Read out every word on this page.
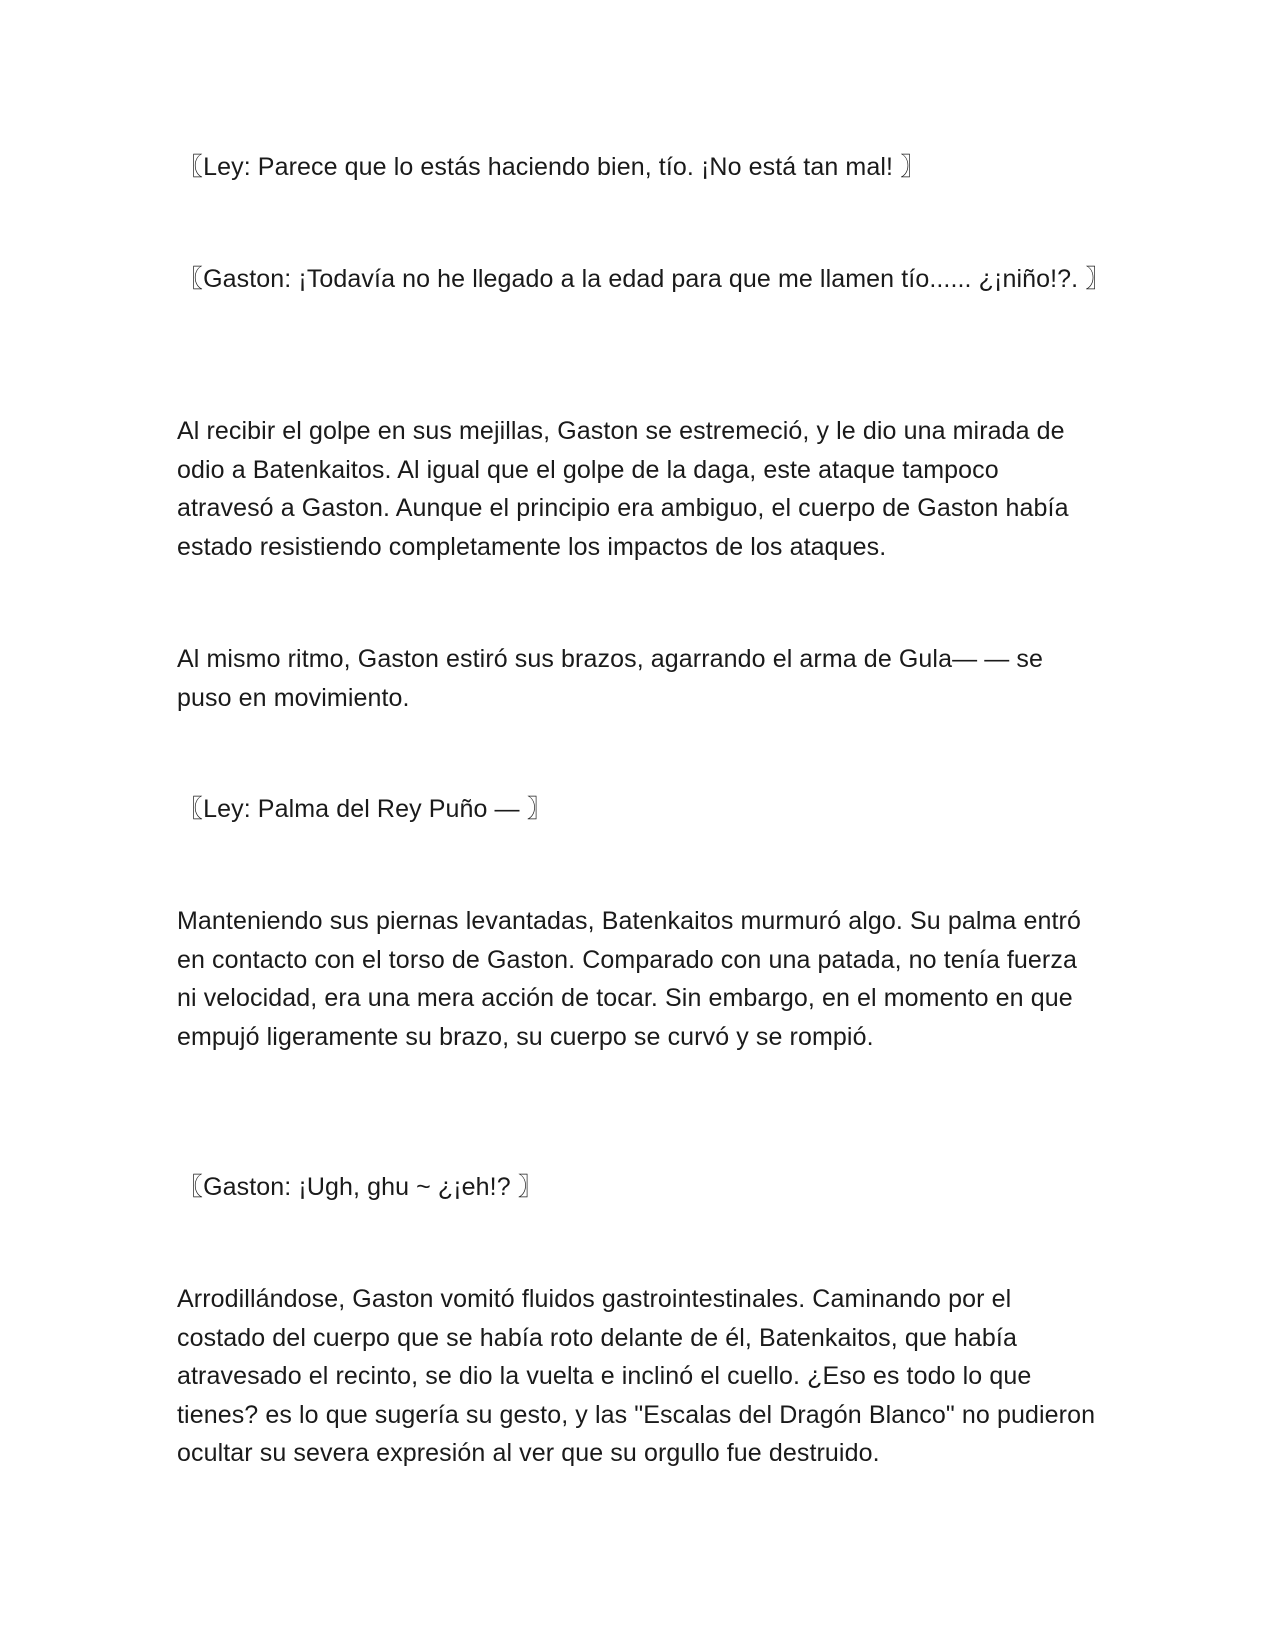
〖Ley: Parece que lo estás haciendo bien, tío. ¡No está tan mal! 〗

〖Gaston: ¡Todavía no he llegado a la edad para que me llamen tío...... ¿¡niño!?. 〗

Al recibir el golpe en sus mejillas, Gaston se estremeció, y le dio una mirada de odio a Batenkaitos. Al igual que el golpe de la daga, este ataque tampoco atravesó a Gaston. Aunque el principio era ambiguo, el cuerpo de Gaston había estado resistiendo completamente los impactos de los ataques.

Al mismo ritmo, Gaston estiró sus brazos, agarrando el arma de Gula— — se puso en movimiento.

〖Ley: Palma del Rey Puño — 〗

Manteniendo sus piernas levantadas, Batenkaitos murmuró algo. Su palma entró en contacto con el torso de Gaston. Comparado con una patada, no tenía fuerza ni velocidad, era una mera acción de tocar. Sin embargo, en el momento en que empujó ligeramente su brazo, su cuerpo se curvó y se rompió.

〖Gaston: ¡Ugh, ghu ~ ¿¡eh!? 〗

Arrodillándose, Gaston vomitó fluidos gastrointestinales. Caminando por el costado del cuerpo que se había roto delante de él, Batenkaitos, que había atravesado el recinto, se dio la vuelta e inclinó el cuello. ¿Eso es todo lo que tienes? es lo que sugería su gesto, y las "Escalas del Dragón Blanco" no pudieron ocultar su severa expresión al ver que su orgullo fue destruido.
